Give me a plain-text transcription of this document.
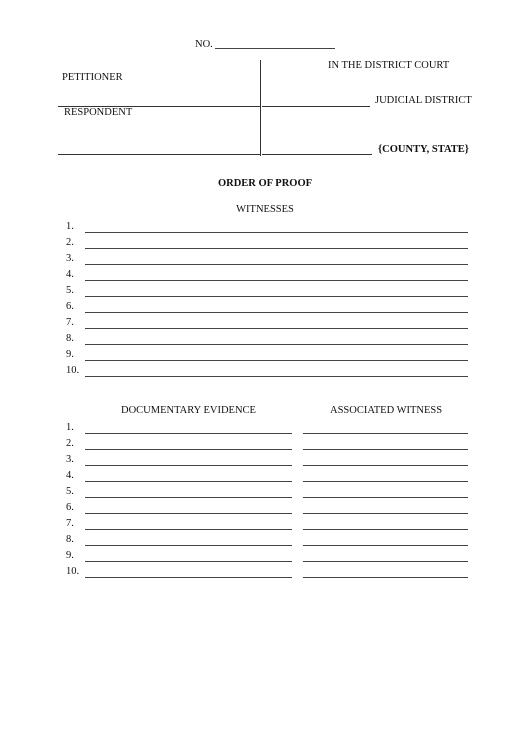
NO.
IN THE DISTRICT COURT
PETITIONER
JUDICIAL DISTRICT
RESPONDENT
{COUNTY, STATE}
ORDER OF PROOF
WITNESSES
1.
2.
3.
4.
5.
6.
7.
8.
9.
10.
DOCUMENTARY EVIDENCE	ASSOCIATED WITNESS
1.
2.
3.
4.
5.
6.
7.
8.
9.
10.
